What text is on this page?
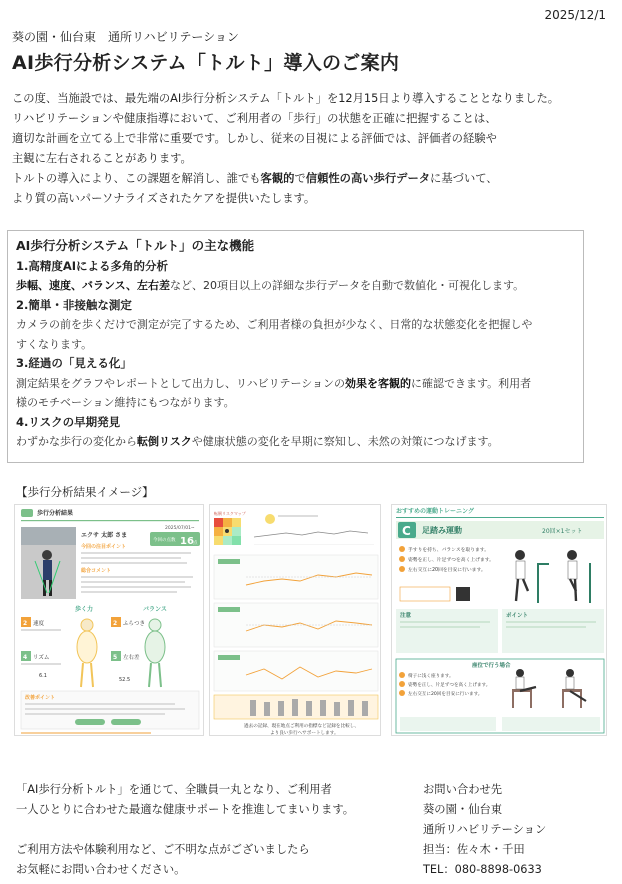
2025/12/1
葵の園・仙台東　通所リハビリテーション
AI歩行分析システム「トルト」導入のご案内

この度、当施設では、最先端のAI歩行分析システム「トルト」を12月15日より導入することとなりました。

リハビリテーションや健康指導において、ご利用者の「歩行」の状態を正確に把握することは、

適切な計画を立てる上で非常に重要です。しかし、従来の目視による評価では、評価者の経験や

主観に左右されることがあります。

トルトの導入により、この課題を解消し、誰でも客観的で信頼性の高い歩行データに基づいて、

より質の高いパーソナライズされたケアを提供いたします。

AI歩行分析システム「トルト」の主な機能
1.高精度AIによる多角的分析
歩幅、速度、バランス、左右差など、20項目以上の詳細な歩行データを自動で数値化・可視化します。
2.簡単・非接触な測定
カメラの前を歩くだけで測定が完了するため、ご利用者様の負担が少なく、日常的な状態変化を把握しや
すくなります。
3.経過の「見える化」
測定結果をグラフやレポートとして出力し、リハビリテーションの効果を客観的に確認できます。利用者
様のモチベーション維持にもつながります。
4.リスクの早期発見
わずかな歩行の変化から転倒リスクや健康状態の変化を早期に察知し、未然の対策につなげます。
【歩行分析結果イメージ】
歩行分析結果
2025/07/01~
エクサ 太郎 さま
今回の点数 16 点
今回の注目ポイント
総合コメント
歩く力	バランス
2 速度
4 リズム
2 ふらつき
5 左右差
6.1
52.5
改善ポイント
転倒リスクマップ
過去の記録、現在地点ご利用の指標など記録を比較し、
より良い歩行へサポートします。
おすすめの運動トレーニング
C 足踏み運動	20回×1セット
手すりを持ち、バランスを取ります。
姿勢を正し、片足ずつを高く上げます。
左右交互に20回を目安に行います。
注意	ポイント
座位で行う場合
椅子に浅く座ります。
姿勢を正し、片足ずつを高く上げます。
左右交互に20回を目安に行います。

「AI歩行分析トルト」を通じて、全職員一丸となり、ご利用者

一人ひとりに合わせた最適な健康サポートを推進してまいります。

ご利用方法や体験利用など、ご不明な点がございましたら

お気軽にお問い合わせください。

お問い合わせ先

葵の園・仙台東

通所リハビリテーション

担当：佐々木・千田

TEL：080-8898-0633
